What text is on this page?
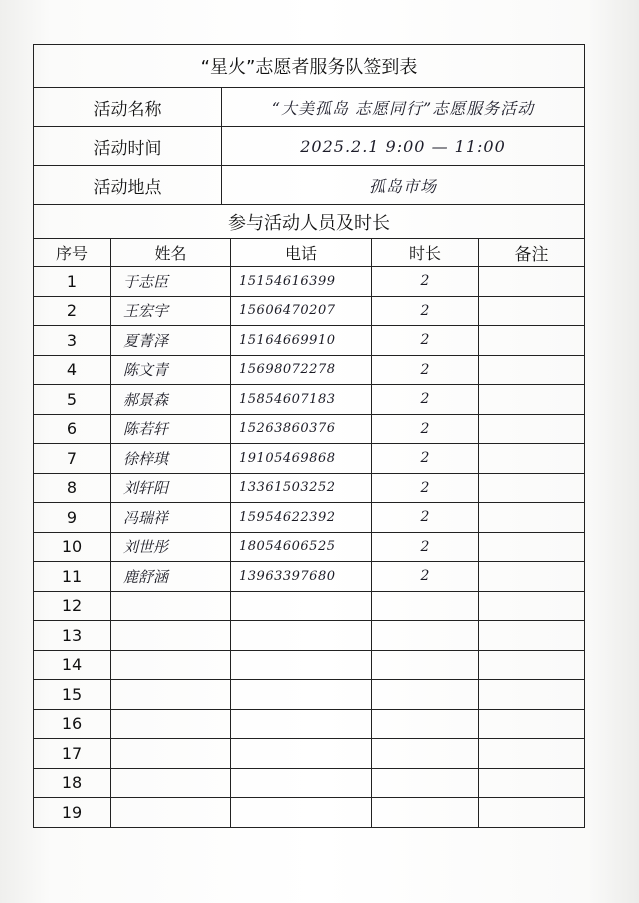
“星火”志愿者服务队签到表
活动名称	“大美孤岛 志愿同行”志愿服务活动
活动时间	2025.2.1 9:00 — 11:00
活动地点	孤岛市场
参与活动人员及时长
序号	姓名	电话	时长	备注
1	于志臣	15154616399	2
2	王宏宇	15606470207	2
3	夏菁泽	15164669910	2
4	陈文青	15698072278	2
5	郝景森	15854607183	2
6	陈若轩	15263860376	2
7	徐梓琪	19105469868	2
8	刘轩阳	13361503252	2
9	冯瑞祥	15954622392	2
10	刘世彤	18054606525	2
11	鹿舒涵	13963397680	2
12
13
14
15
16
17
18
19
